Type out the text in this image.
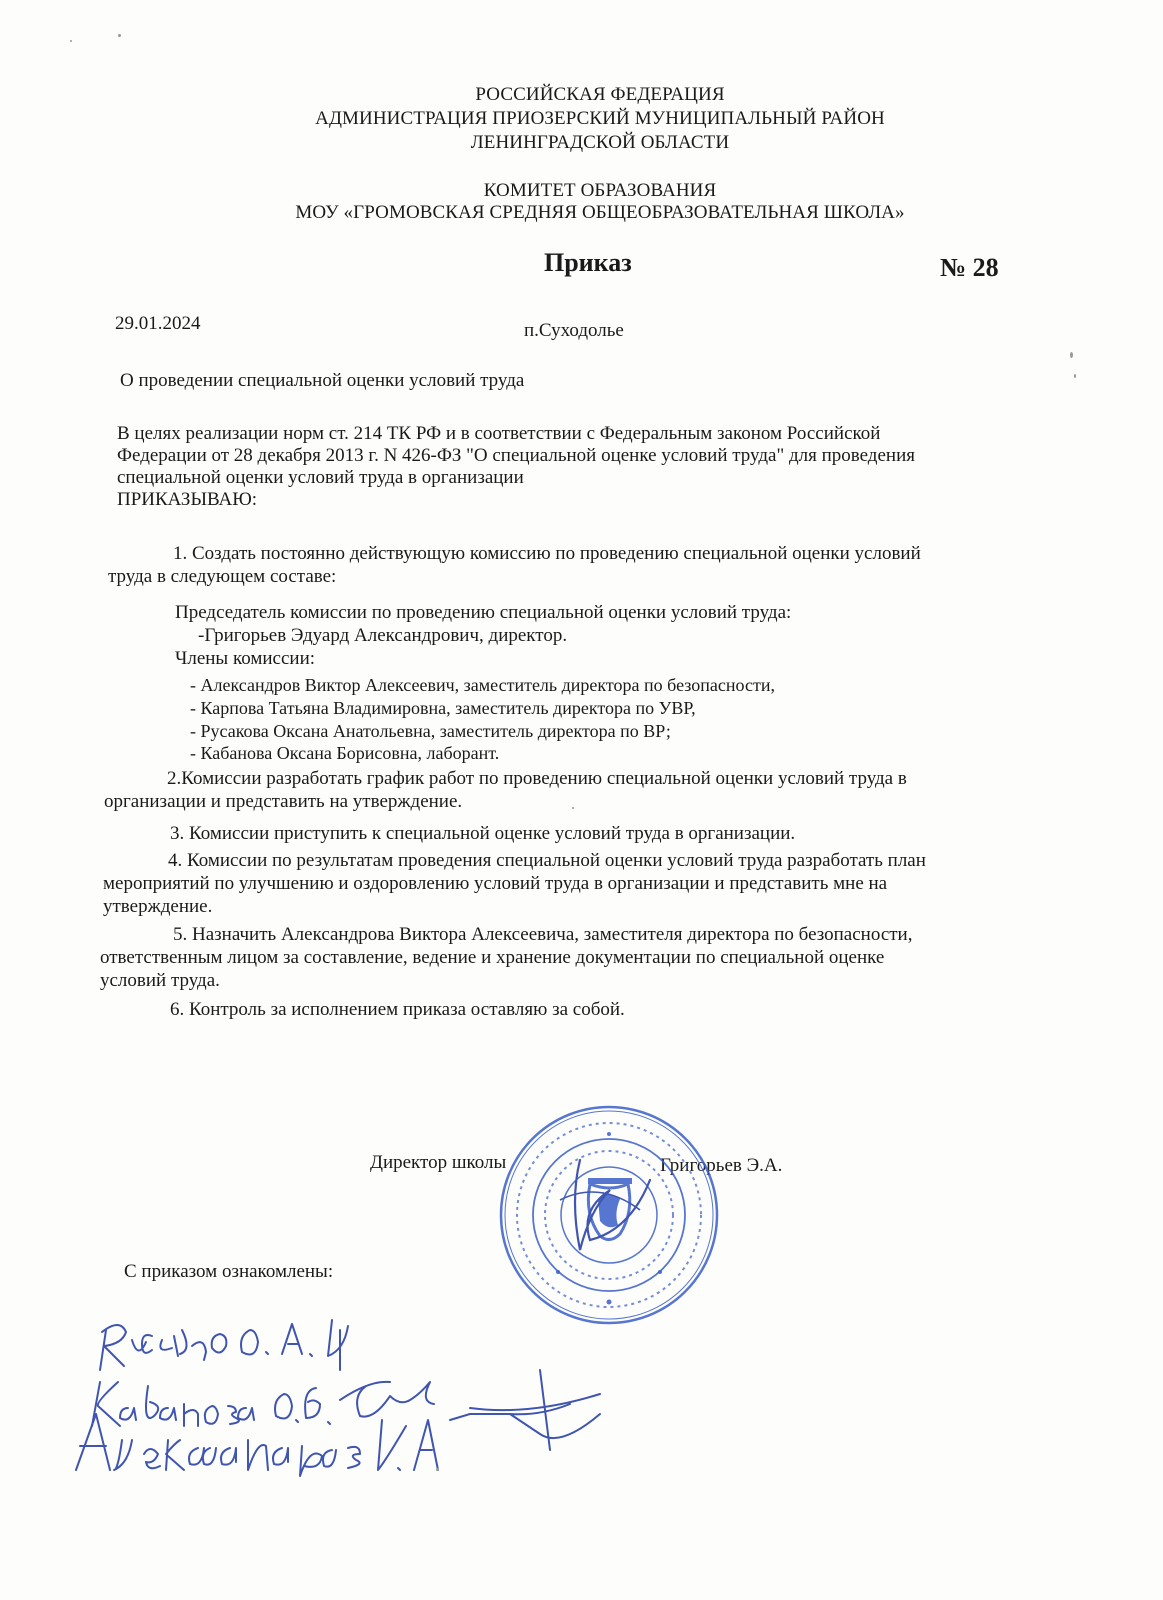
РОССИЙСКАЯ ФЕДЕРАЦИЯ
АДМИНИСТРАЦИЯ ПРИОЗЕРСКИЙ МУНИЦИПАЛЬНЫЙ РАЙОН
ЛЕНИНГРАДСКОЙ ОБЛАСТИ
КОМИТЕТ ОБРАЗОВАНИЯ
МОУ «ГРОМОВСКАЯ СРЕДНЯЯ ОБЩЕОБРАЗОВАТЕЛЬНАЯ ШКОЛА»
Приказ	№ 28
29.01.2024	п.Суходолье
О проведении специальной оценки условий труда
В целях реализации норм ст. 214 ТК РФ и в соответствии с Федеральным законом Российской
Федерации от 28 декабря 2013 г. N 426-ФЗ "О специальной оценке условий труда" для проведения
специальной оценки условий труда в организации
ПРИКАЗЫВАЮ:
1. Создать постоянно действующую комиссию по проведению специальной оценки условий
труда в следующем составе:
Председатель комиссии по проведению специальной оценки условий труда:
-Григорьев Эдуард Александрович, директор.
Члены комиссии:
- Александров Виктор Алексеевич, заместитель директора по безопасности,
- Карпова Татьяна Владимировна, заместитель директора по УВР,
- Русакова Оксана Анатольевна, заместитель директора по ВР;
- Кабанова Оксана Борисовна, лаборант.
2.Комиссии разработать график работ по проведению специальной оценки условий труда в
организации и представить на утверждение.
3. Комиссии приступить к специальной оценке условий труда в организации.
4. Комиссии по результатам проведения специальной оценки условий труда разработать план
мероприятий по улучшению и оздоровлению условий труда в организации и представить мне на
утверждение.
5. Назначить Александрова Виктора Алексеевича, заместителя директора по безопасности,
ответственным лицом за составление, ведение и хранение документации по специальной оценке
условий труда.
6. Контроль за исполнением приказа оставляю за собой.
Директор школы	Григорьев Э.А.
С приказом ознакомлены:
